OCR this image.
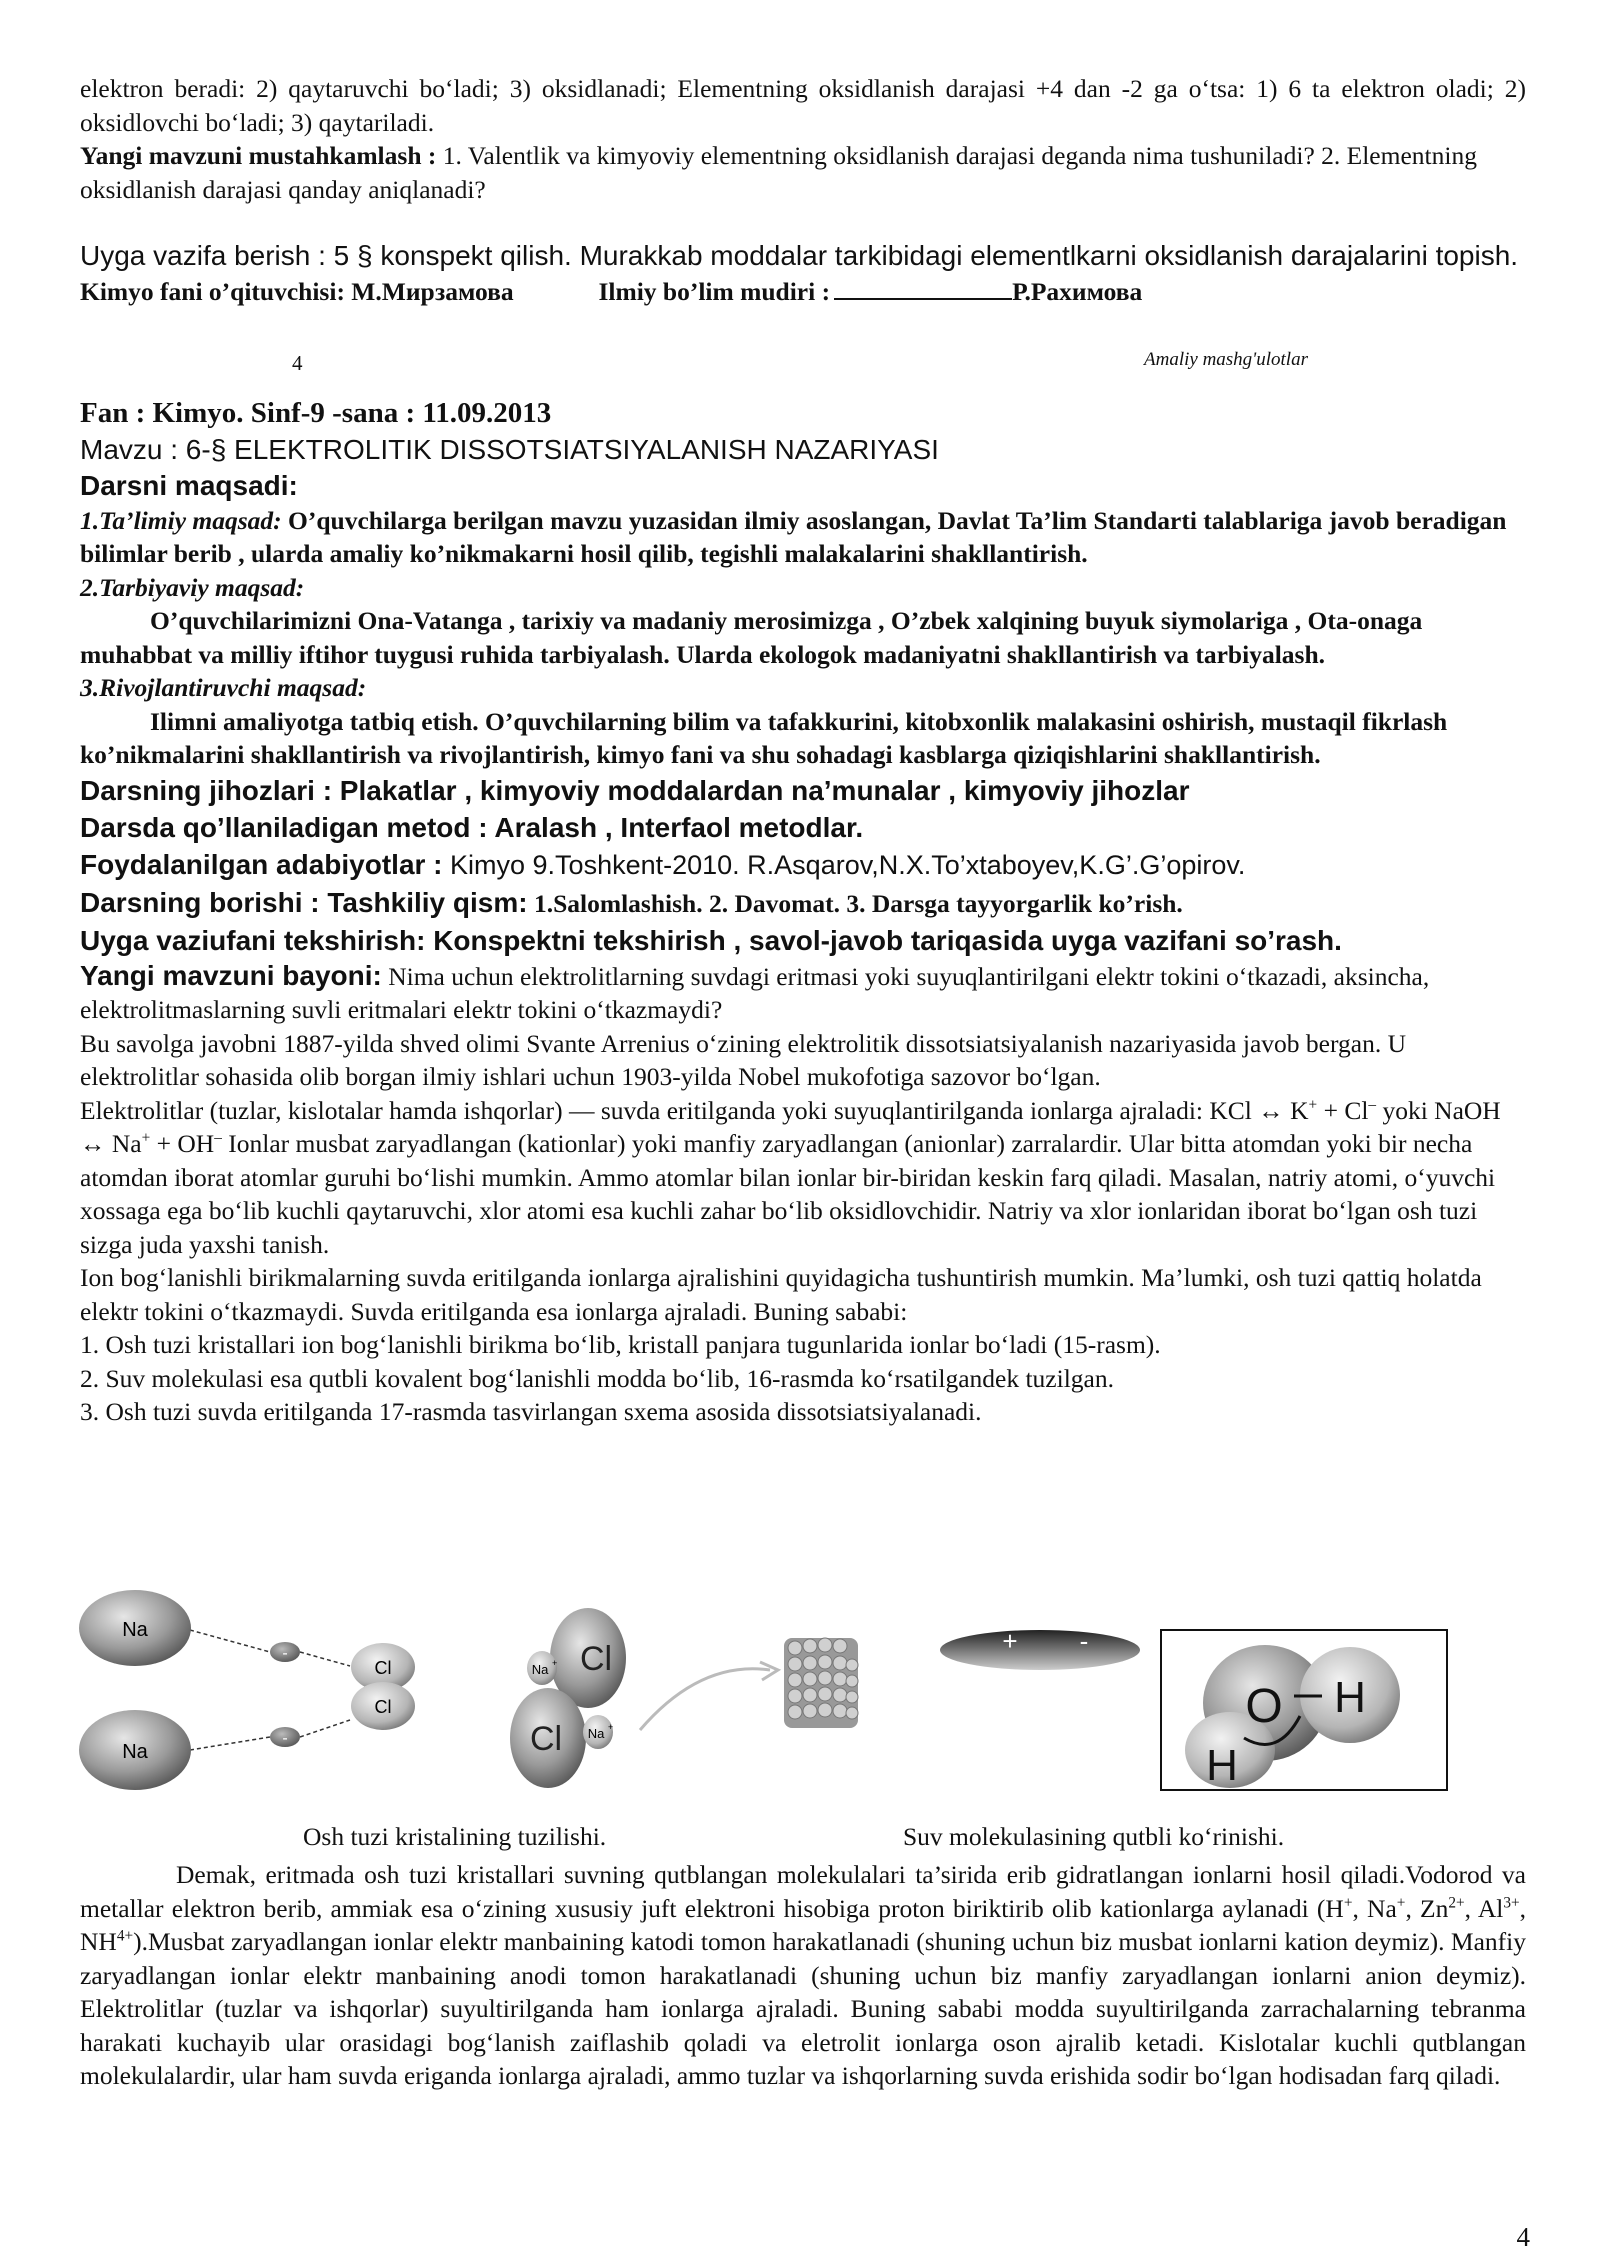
elektron beradi: 2) qaytaruvchi bo‘ladi; 3) oksidlanadi; Elementning oksidlanish darajasi +4 dan -2 ga o‘tsa: 1) 6 ta elektron oladi; 2) oksidlovchi bo‘ladi; 3) qaytariladi.

Yangi mavzuni mustahkamlash : 1. Valentlik va kimyoviy elementning oksidlanish darajasi deganda nima tushuniladi? 2. Elementning oksidlanish darajasi qanday aniqlanadi?

Uyga vazifa berish : 5 § konspekt qilish. Murakkab moddalar tarkibidagi elementlkarni oksidlanish darajalarini topish.

Kimyo fani o’qituvchisi: М.Мирзамова	Ilmiy bo’lim mudiri :	Р.Рахимова

4	Amaliy mashg'ulotlar

Fan : Kimyo. Sinf-9 -sana : 11.09.2013

Mavzu : 6-§ ELEKTROLITIK DISSOTSIATSIYALANISH NAZARIYASI

Darsni maqsadi:

1.Ta’limiy maqsad: O’quvchilarga berilgan mavzu yuzasidan ilmiy asoslangan, Davlat Ta’lim Standarti talablariga javob beradigan bilimlar berib , ularda amaliy ko’nikmakarni hosil qilib, tegishli malakalarini shakllantirish.

2.Tarbiyaviy maqsad:

O’quvchilarimizni Ona-Vatanga , tarixiy va madaniy merosimizga , O’zbek xalqining buyuk siymolariga , Ota-onaga muhabbat va milliy iftihor tuygusi ruhida tarbiyalash. Ularda ekologok madaniyatni shakllantirish va tarbiyalash.

3.Rivojlantiruvchi maqsad:

Ilimni amaliyotga tatbiq etish. O’quvchilarning bilim va tafakkurini, kitobxonlik malakasini oshirish, mustaqil fikrlash ko’nikmalarini shakllantirish va rivojlantirish, kimyo fani va shu sohadagi kasblarga qiziqishlarini shakllantirish.

Darsning jihozlari : Plakatlar , kimyoviy moddalardan na’munalar , kimyoviy jihozlar

Darsda qo’llaniladigan metod : Aralash , Interfaol metodlar.

Foydalanilgan adabiyotlar : Kimyo 9.Toshkent-2010. R.Asqarov,N.X.To’xtaboyev,K.G’.G’opirov.

Darsning borishi : Tashkiliy qism: 1.Salomlashish. 2. Davomat. 3. Darsga tayyorgarlik ko’rish.

Uyga vaziufani tekshirish: Konspektni tekshirish , savol-javob tariqasida uyga vazifani so’rash.

Yangi mavzuni bayoni: Nima uchun elektrolitlarning suvdagi eritmasi yoki suyuqlantirilgani elektr tokini o‘tkazadi, aksincha, elektrolitmaslarning suvli eritmalari elektr tokini o‘tkazmaydi?

Bu savolga javobni 1887-yilda shved olimi Svante Arrenius o‘zining elektrolitik dissotsiatsiyalanish nazariyasida javob bergan. U elektrolitlar sohasida olib borgan ilmiy ishlari uchun 1903-yilda Nobel mukofotiga sazovor bo‘lgan.

Elektrolitlar (tuzlar, kislotalar hamda ishqorlar) — suvda eritilganda yoki suyuqlantirilganda ionlarga ajraladi: KCl ↔ K+ + Cl– yoki NaOH ↔ Na+ + OH– Ionlar musbat zaryadlangan (kationlar) yoki manfiy zaryadlangan (anionlar) zarralardir. Ular bitta atomdan yoki bir necha atomdan iborat atomlar guruhi bo‘lishi mumkin. Ammo atomlar bilan ionlar bir-biridan keskin farq qiladi. Masalan, natriy atomi, o‘yuvchi xossaga ega bo‘lib kuchli qaytaruvchi, xlor atomi esa kuchli zahar bo‘lib oksidlovchidir. Natriy va xlor ionlaridan iborat bo‘lgan osh tuzi sizga juda yaxshi tanish.

Ion bog‘lanishli birikmalarning suvda eritilganda ionlarga ajralishini quyidagicha tushuntirish mumkin. Ma’lumki, osh tuzi qattiq holatda elektr tokini o‘tkazmaydi. Suvda eritilganda esa ionlarga ajraladi. Buning sababi:

1. Osh tuzi kristallari ion bog‘lanishli birikma bo‘lib, kristall panjara tugunlarida ionlar bo‘ladi (15-rasm).

2. Suv molekulasi esa qutbli kovalent bog‘lanishli modda bo‘lib, 16-rasmda ko‘rsatilgandek tuzilgan.

3. Osh tuzi suvda eritilganda 17-rasmda tasvirlangan sxema asosida dissotsiatsiyalanadi.

Na
Na
-
-
Cl
Cl
Cl
Na +
Cl Na +
+ -
O H
H
Osh tuzi kristalining tuzilishi.	Suv molekulasining qutbli ko‘rinishi.

Demak, eritmada osh tuzi kristallari suvning qutblangan molekulalari ta’sirida erib gidratlangan ionlarni hosil qiladi.Vodorod va metallar elektron berib, ammiak esa o‘zining xususiy juft elektroni hisobiga proton biriktirib olib kationlarga aylanadi (H+, Na+, $Zn^{2+}$, $Al^{3+}$, $NH^{4+}).Musbat$ zaryadlangan ionlar elektr manbaining katodi tomon harakatlanadi (shuning uchun biz musbat ionlarni kation deymiz). Manfiy zaryadlangan ionlar elektr manbaining anodi tomon harakatlanadi (shuning uchun biz manfiy zaryadlangan ionlarni anion deymiz). Elektrolitlar (tuzlar va ishqorlar) suyultirilganda ham ionlarga ajraladi. Buning sababi modda suyultirilganda zarrachalarning tebranma harakati kuchayib ular orasidagi bog‘lanish zaiflashib qoladi va eletrolit ionlarga oson ajralib ketadi. Kislotalar kuchli qutblangan molekulalardir, ular ham suvda eriganda ionlarga ajraladi, ammo tuzlar va ishqorlarning suvda erishida sodir bo‘lgan hodisadan farq qiladi.

4
